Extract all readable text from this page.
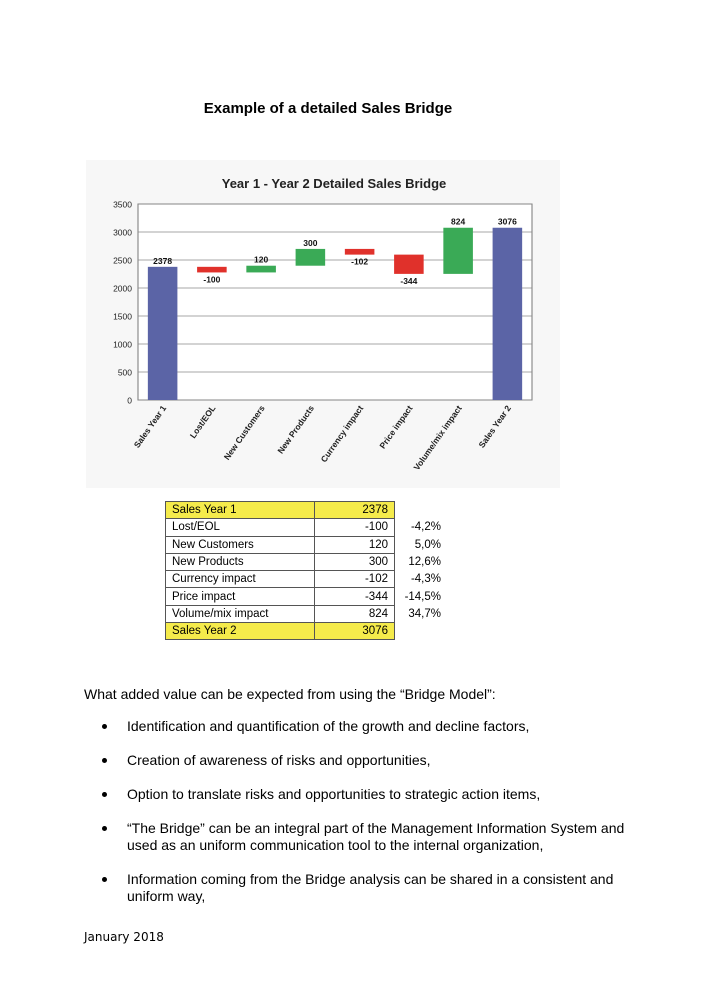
Example of a detailed Sales Bridge
Year 1 - Year 2 Detailed Sales Bridge
0
500
1000
1500
2000
2500
3000
3500
2378
-100
120
300
-102
-344
824	3076
Sales Year 1 Lost/EOL New Customers New Products Currency impact Price impact
Volume/mix impact Sales Year 2
Sales Year 1	2378	
Lost/EOL	-100	-4,2%
New Customers	120	5,0%
New Products	300	12,6%
Currency impact	-102	-4,3%
Price impact	-344	-14,5%
Volume/mix impact	824	34,7%
Sales Year 2	3076	
What added value can be expected from using the “Bridge Model”:
Identification and quantification of the growth and decline factors,
Creation of awareness of risks and opportunities,
Option to translate risks and opportunities to strategic action items,
“The Bridge” can be an integral part of the Management Information System and used as an uniform communication tool to the internal organization,
Information coming from the Bridge analysis can be shared in a consistent and uniform way,
January 2018
